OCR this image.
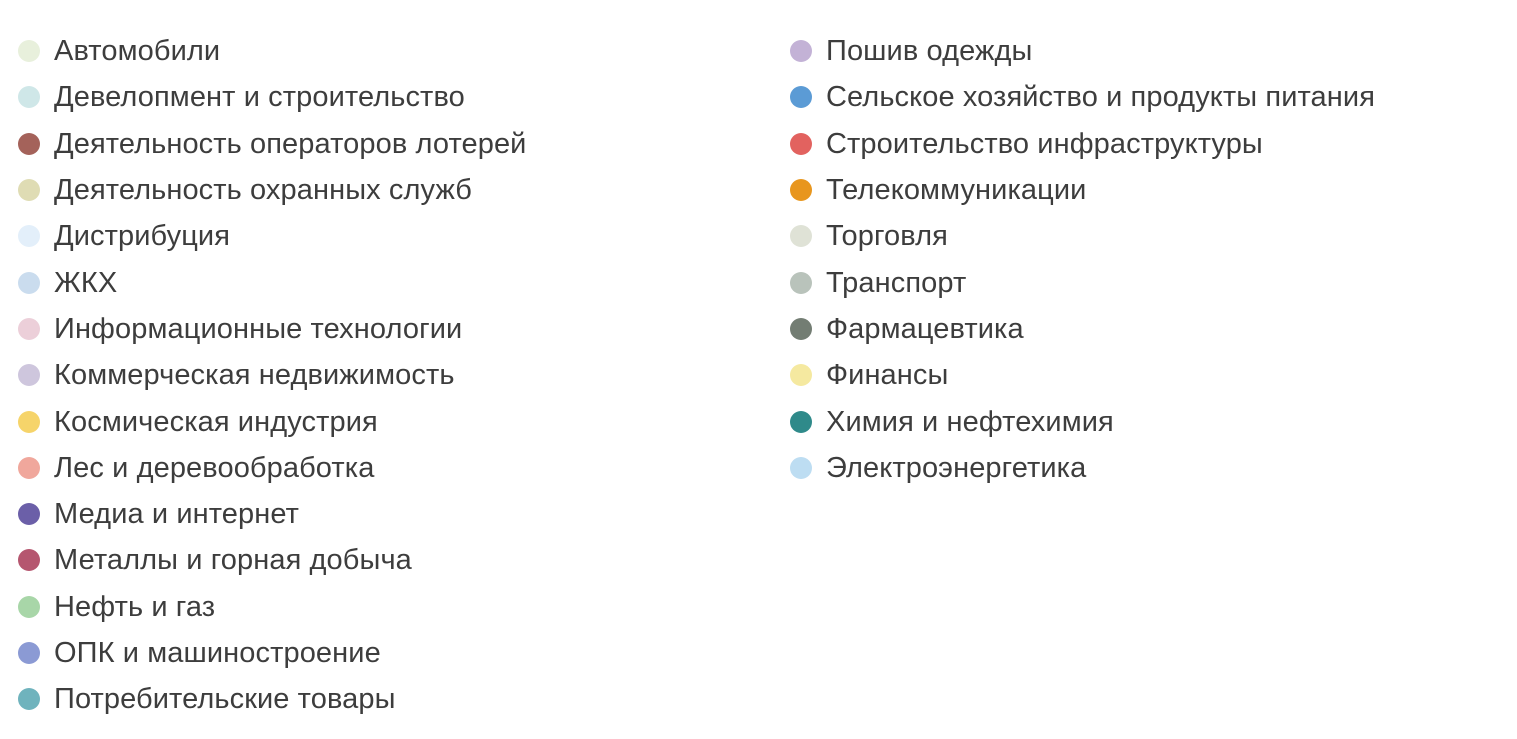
Автомобили
Девелопмент и строительство
Деятельность операторов лотерей
Деятельность охранных служб
Дистрибуция
ЖКХ
Информационные технологии
Коммерческая недвижимость
Космическая индустрия
Лес и деревообработка
Медиа и интернет
Металлы и горная добыча
Нефть и газ
ОПК и машиностроение
Потребительские товары
Пошив одежды
Сельское хозяйство и продукты питания
Строительство инфраструктуры
Телекоммуникации
Торговля
Транспорт
Фармацевтика
Финансы
Химия и нефтехимия
Электроэнергетика
